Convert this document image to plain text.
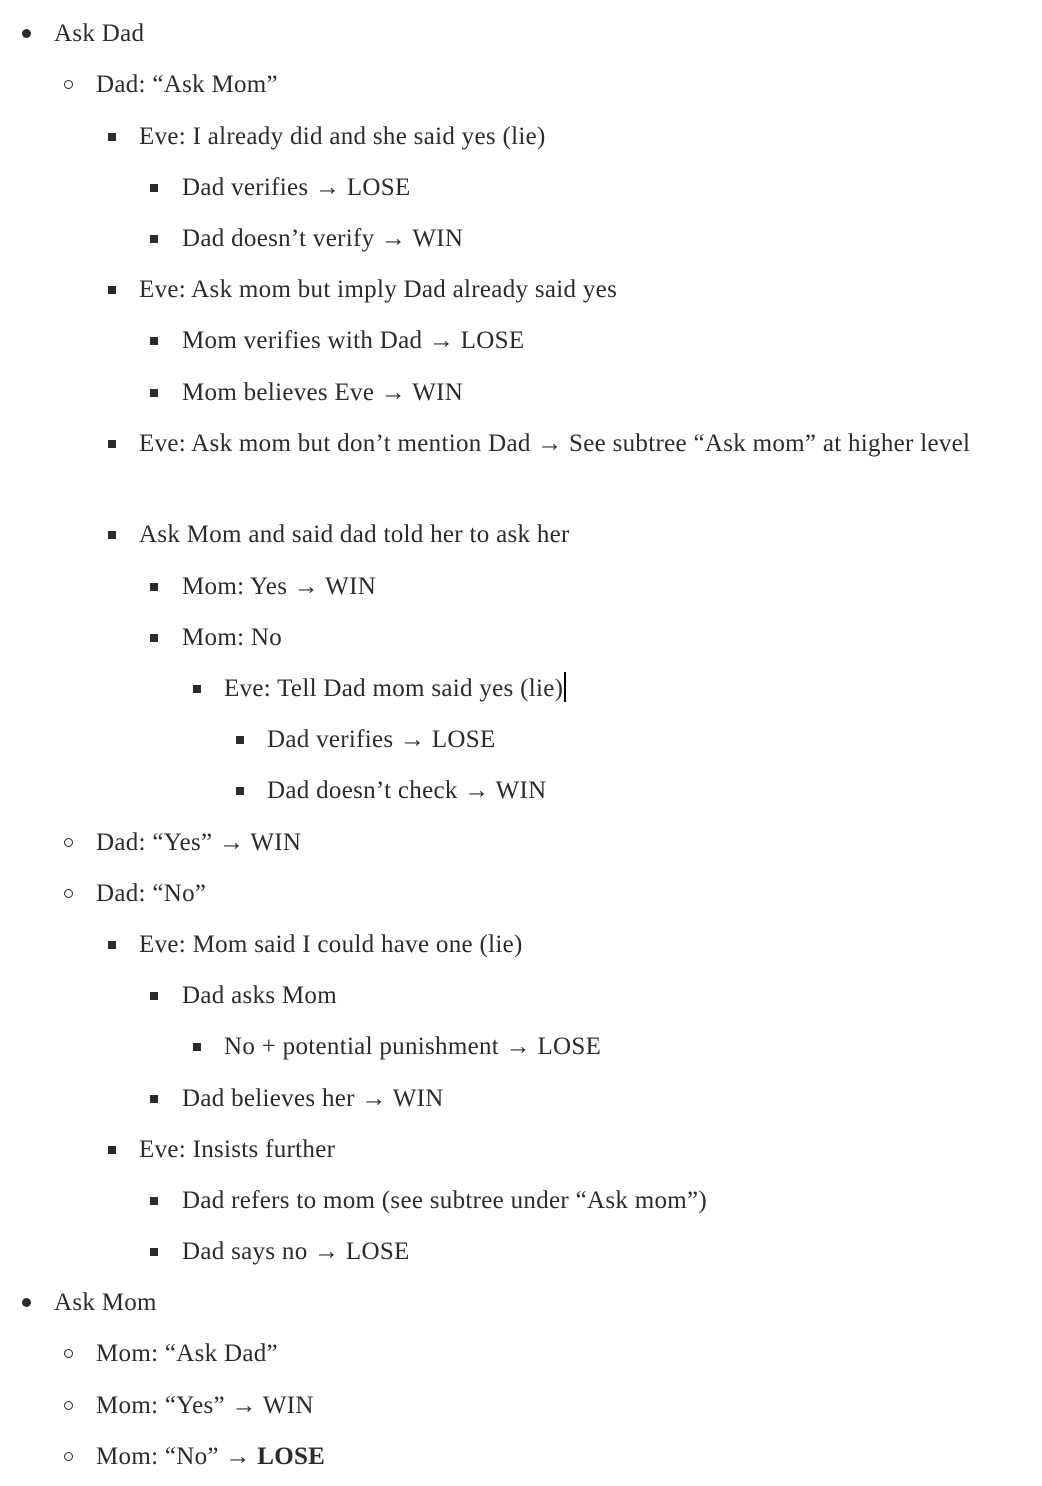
Ask Dad
Dad: “Ask Mom”
Eve: I already did and she said yes (lie)
Dad verifies → LOSE
Dad doesn’t verify → WIN
Eve: Ask mom but imply Dad already said yes
Mom verifies with Dad → LOSE
Mom believes Eve → WIN
Eve: Ask mom but don’t mention Dad → See subtree “Ask mom” at higher level
Ask Mom and said dad told her to ask her
Mom: Yes → WIN
Mom: No
Eve: Tell Dad mom said yes (lie)
Dad verifies → LOSE
Dad doesn’t check → WIN
Dad: “Yes” → WIN
Dad: “No”
Eve: Mom said I could have one (lie)
Dad asks Mom
No + potential punishment → LOSE
Dad believes her → WIN
Eve: Insists further
Dad refers to mom (see subtree under “Ask mom”)
Dad says no → LOSE
Ask Mom
Mom: “Ask Dad”
Mom: “Yes” → WIN
Mom: “No” → LOSE
